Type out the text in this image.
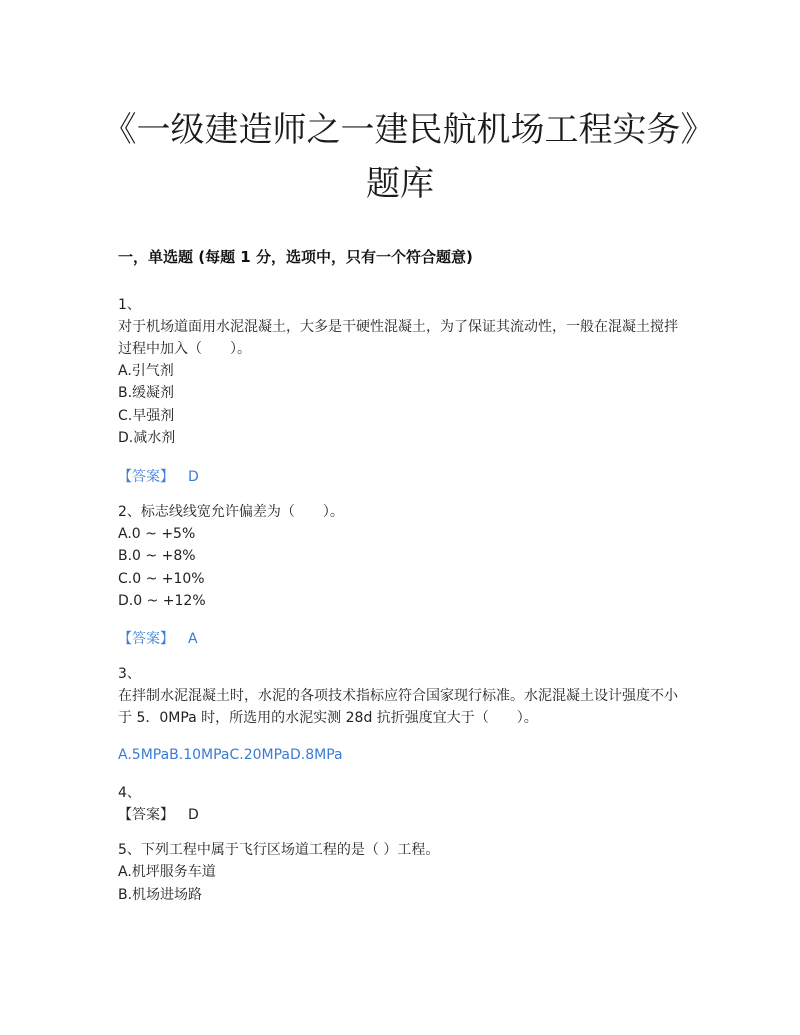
《一级建造师之一建民航机场工程实务》题库
一，单选题 (每题 1 分，选项中，只有一个符合题意)
1、
对于机场道面用水泥混凝土，大多是干硬性混凝土，为了保证其流动性，一般在混凝土搅拌过程中加入（　　）。
A.引气剂
B.缓凝剂
C.早强剂
D.减水剂
【答案】 D
2、标志线线宽允许偏差为（　　）。
A.0 ~ +5%
B.0 ~ +8%
C.0 ~ +10%
D.0 ~ +12%
【答案】 A
3、
在拌制水泥混凝土时，水泥的各项技术指标应符合国家现行标准。水泥混凝土设计强度不小于 5．0MPa 时，所选用的水泥实测 28d 抗折强度宜大于（　　）。
A.5MPaB.10MPaC.20MPaD.8MPa
4、
【答案】 D
5、下列工程中属于飞行区场道工程的是（ ）工程。
A.机坪服务车道
B.机场进场路
